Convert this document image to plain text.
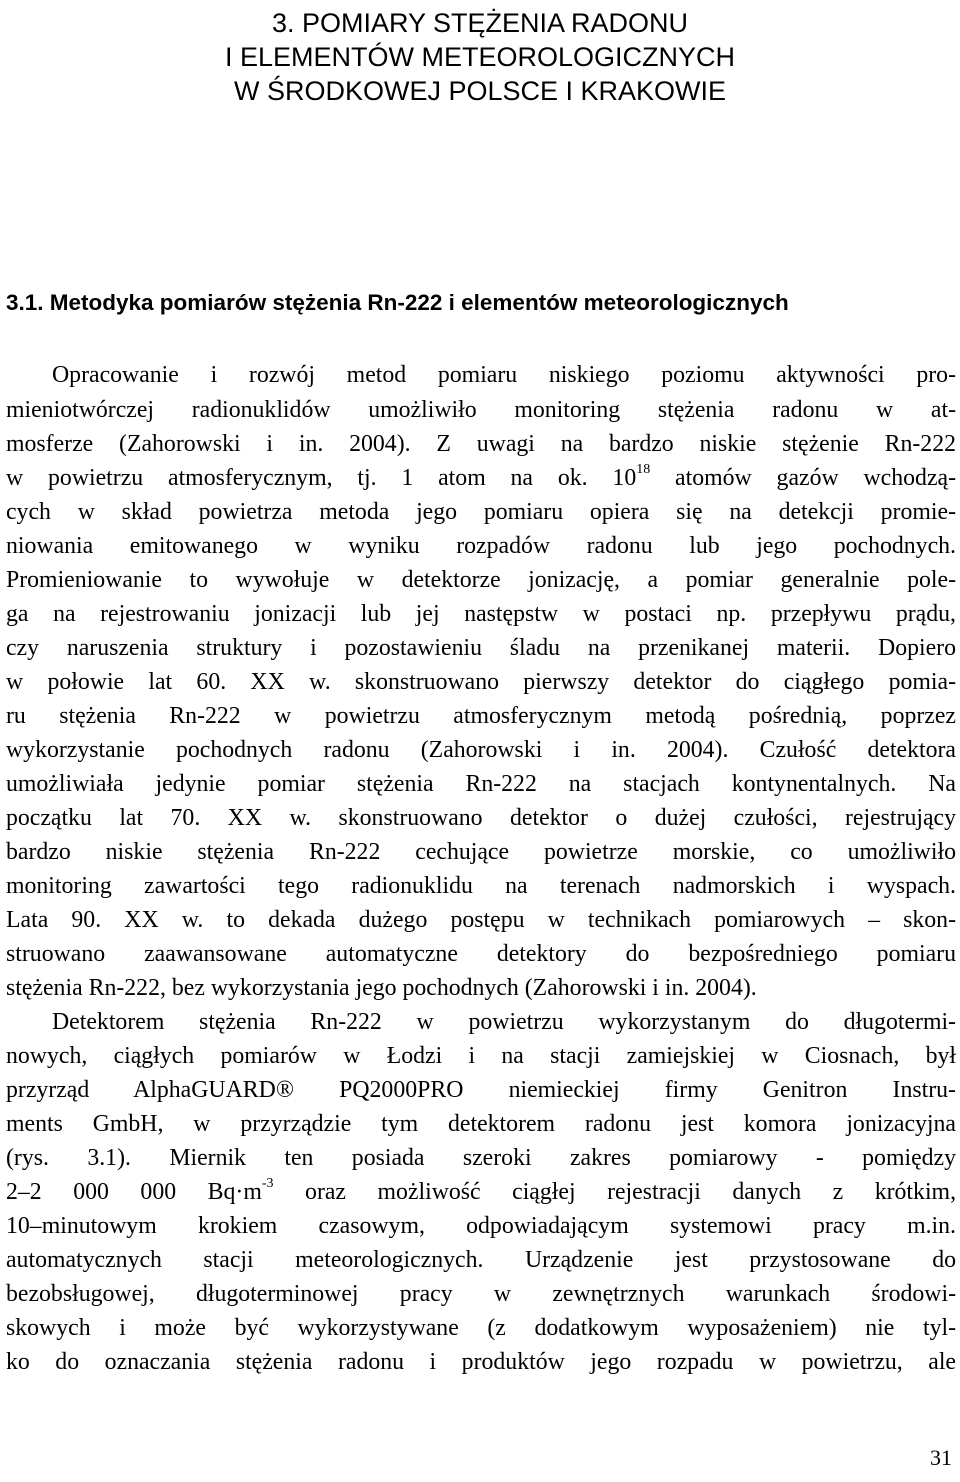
3. POMIARY STĘŻENIA RADONU
I ELEMENTÓW METEOROLOGICZNYCH
W ŚRODKOWEJ POLSCE I KRAKOWIE
3.1. Metodyka pomiarów stężenia Rn-222 i elementów meteorologicznych
Opracowanie i rozwój metod pomiaru niskiego poziomu aktywności pro-
mieniotwórczej radionuklidów umożliwiło monitoring stężenia radonu w at-
mosferze (Zahorowski i in. 2004). Z uwagi na bardzo niskie stężenie Rn-222
w powietrzu atmosferycznym, tj. 1 atom na ok. $10^{18}$ atomów gazów wchodzą-
cych w skład powietrza metoda jego pomiaru opiera się na detekcji promie-
niowania emitowanego w wyniku rozpadów radonu lub jego pochodnych.
Promieniowanie to wywołuje w detektorze jonizację, a pomiar generalnie pole-
ga na rejestrowaniu jonizacji lub jej następstw w postaci np. przepływu prądu,
czy naruszenia struktury i pozostawieniu śladu na przenikanej materii. Dopiero
w połowie lat 60. XX w. skonstruowano pierwszy detektor do ciągłego pomia-
ru stężenia Rn-222 w powietrzu atmosferycznym metodą pośrednią, poprzez
wykorzystanie pochodnych radonu (Zahorowski i in. 2004). Czułość detektora
umożliwiała jedynie pomiar stężenia Rn-222 na stacjach kontynentalnych. Na
początku lat 70. XX w. skonstruowano detektor o dużej czułości, rejestrujący
bardzo niskie stężenia Rn-222 cechujące powietrze morskie, co umożliwiło
monitoring zawartości tego radionuklidu na terenach nadmorskich i wyspach.
Lata 90. XX w. to dekada dużego postępu w technikach pomiarowych – skon-
struowano zaawansowane automatyczne detektory do bezpośredniego pomiaru
stężenia Rn-222, bez wykorzystania jego pochodnych (Zahorowski i in. 2004).
Detektorem stężenia Rn-222 w powietrzu wykorzystanym do długotermi-
nowych, ciągłych pomiarów w Łodzi i na stacji zamiejskiej w Ciosnach, był
przyrząd AlphaGUARD® PQ2000PRO niemieckiej firmy Genitron Instru-
ments GmbH, w przyrządzie tym detektorem radonu jest komora jonizacyjna
(rys. 3.1). Miernik ten posiada szeroki zakres pomiarowy - pomiędzy
2–2 000 000 $Bq\cdot m^{-3}$ oraz możliwość ciągłej rejestracji danych z krótkim,
10–minutowym krokiem czasowym, odpowiadającym systemowi pracy m.in.
automatycznych stacji meteorologicznych. Urządzenie jest przystosowane do
bezobsługowej, długoterminowej pracy w zewnętrznych warunkach środowi-
skowych i może być wykorzystywane (z dodatkowym wyposażeniem) nie tyl-
ko do oznaczania stężenia radonu i produktów jego rozpadu w powietrzu, ale
31
